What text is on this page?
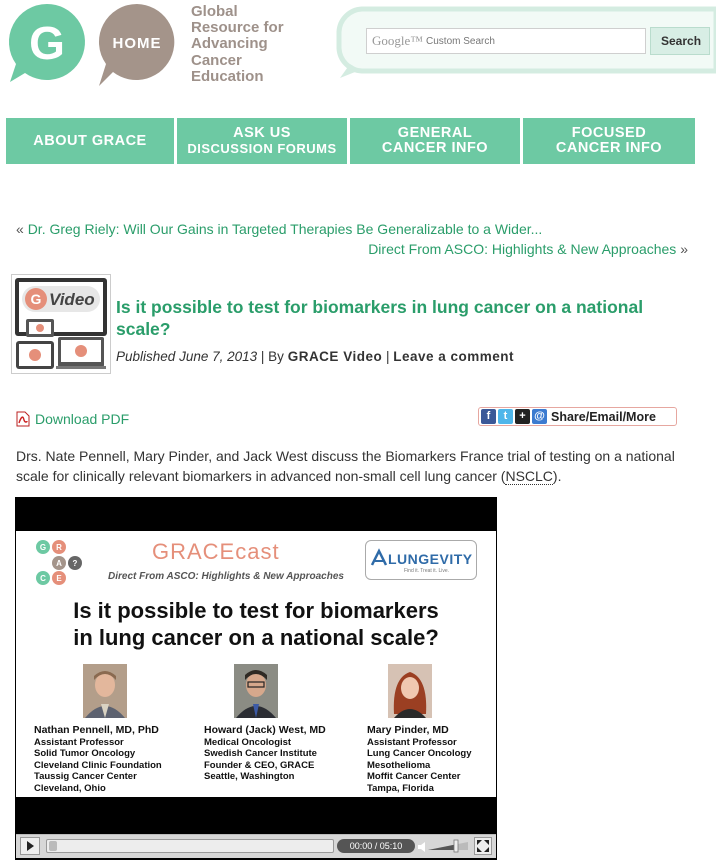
G	HOME
Global
Resource for
Advancing
Cancer
Education
Google™ Custom Search	Search
ABOUT GRACE	ASK US
DISCUSSION FORUMS
GENERAL
CANCER INFO
FOCUSED
CANCER INFO
« Dr. Greg Riely: Will Our Gains in Targeted Therapies Be Generalizable to a Wider...
Direct From ASCO: Highlights & New Approaches »
G Video Is it possible to test for biomarkers in lung cancer on a national scale?
Published June 7, 2013 | By GRACE Video | Leave a comment
Download PDF	f	t	+ @ Share/Email/More
Drs. Nate Pennell, Mary Pinder, and Jack West discuss the Biomarkers France trial of testing on a national scale for clinically relevant biomarkers in advanced non-small cell lung cancer (NSCLC).
G R
A
C E
?	GRACEcast
Direct From ASCO: Highlights & New Approaches
LUNGEVITY
Find it. Treat it. Live.
Is it possible to test for biomarkers
in lung cancer on a national scale?
Nathan Pennell, MD, PhD
Assistant Professor
Solid Tumor Oncology
Cleveland Clinic Foundation
Taussig Cancer Center
Cleveland, Ohio
Howard (Jack) West, MD
Medical Oncologist
Swedish Cancer Institute
Founder & CEO, GRACE
Seattle, Washington
Mary Pinder, MD
Assistant Professor
Lung Cancer Oncology
Mesothelioma
Moffit Cancer Center
Tampa, Florida
00:00 / 05:10
